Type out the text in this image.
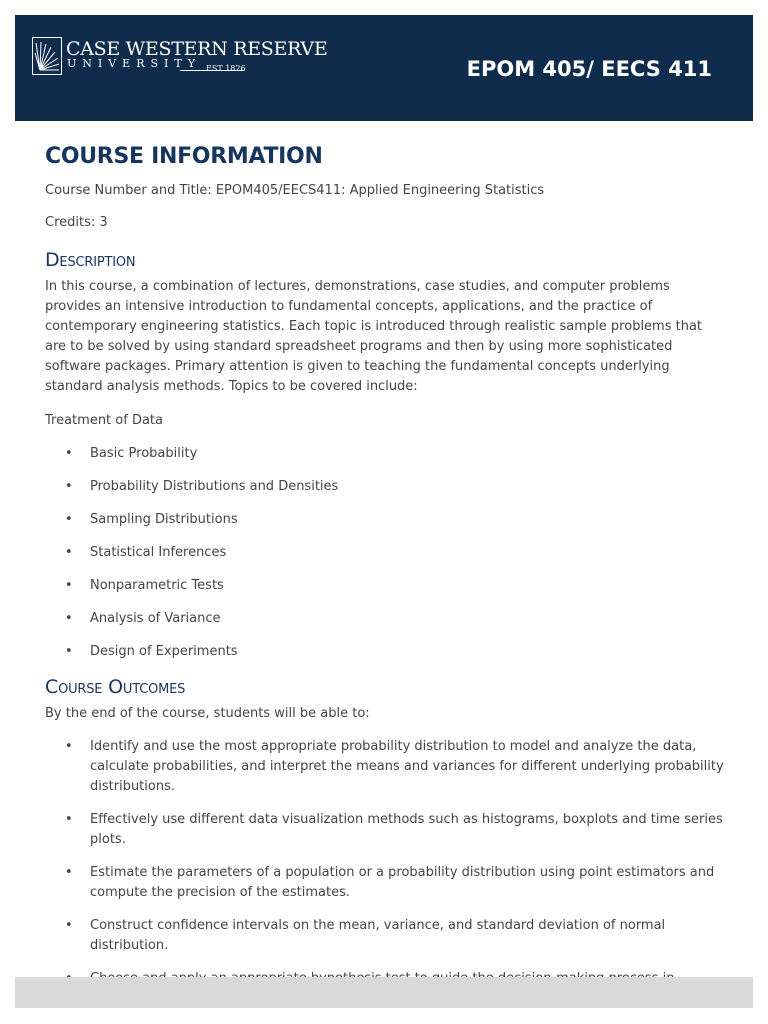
CASE WESTERN RESERVE
UNIVERSITY EST 1826	EPOM 405/ EECS 411
COURSE INFORMATION

Course Number and Title: EPOM405/EECS411: Applied Engineering Statistics

Credits: 3

Description

In this course, a combination of lectures, demonstrations, case studies, and computer problems provides an intensive introduction to fundamental concepts, applications, and the practice of contemporary engineering statistics. Each topic is introduced through realistic sample problems that are to be solved by using standard spreadsheet programs and then by using more sophisticated software packages. Primary attention is given to teaching the fundamental concepts underlying standard analysis methods. Topics to be covered include:

Treatment of Data

• Basic Probability
• Probability Distributions and Densities
• Sampling Distributions
• Statistical Inferences
• Nonparametric Tests
• Analysis of Variance
• Design of Experiments
Course Outcomes

By the end of the course, students will be able to:

• Identify and use the most appropriate probability distribution to model and analyze the data, calculate probabilities, and interpret the means and variances for different underlying probability distributions.
• Effectively use different data visualization methods such as histograms, boxplots and time series plots.
• Estimate the parameters of a population or a probability distribution using point estimators and compute the precision of the estimates.
• Construct confidence intervals on the mean, variance, and standard deviation of normal distribution.
•
